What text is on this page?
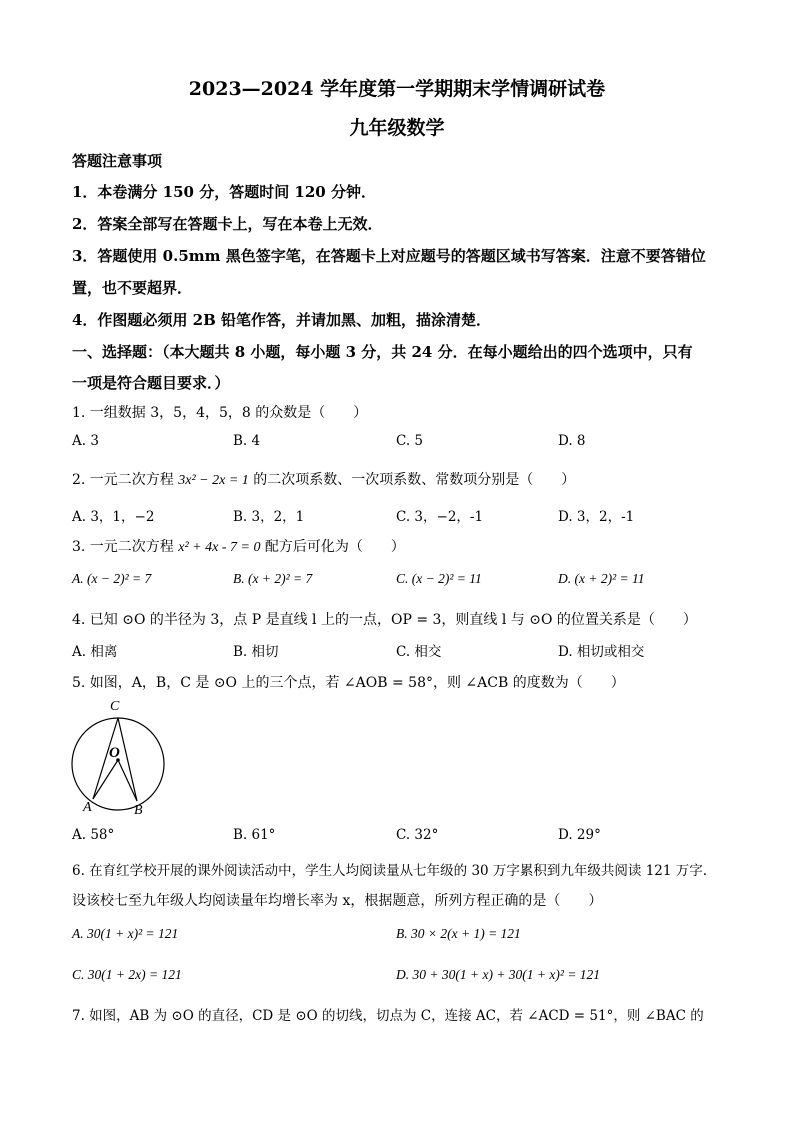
2023—2024 学年度第一学期期末学情调研试卷
九年级数学
答题注意事项
1．本卷满分 150 分，答题时间 120 分钟．
2．答案全部写在答题卡上，写在本卷上无效．
3．答题使用 0.5mm 黑色签字笔，在答题卡上对应题号的答题区域书写答案．注意不要答错位
置，也不要超界．
4．作图题必须用 2B 铅笔作答，并请加黑、加粗，描涂清楚．
一、选择题：（本大题共 8 小题，每小题 3 分，共 24 分．在每小题给出的四个选项中，只有
一项是符合题目要求．）
1. 一组数据 3，5，4，5，8 的众数是（　　）
A. 3	B. 4	C. 5	D. 8
2. 一元二次方程 3x² − 2x = 1 的二次项系数、一次项系数、常数项分别是（　　）
A. 3，1，−2	B. 3，2，1	C. 3，−2，-1	D. 3，2，-1
3. 一元二次方程 x² + 4x - 7 = 0 配方后可化为（　　）
A. (x − 2)² = 7	B. (x + 2)² = 7	C. (x − 2)² = 11	D. (x + 2)² = 11
4. 已知 ⊙O 的半径为 3，点 P 是直线 l 上的一点，OP = 3，则直线 l 与 ⊙O 的位置关系是（　　）
A. 相离	B. 相切	C. 相交	D. 相切或相交
5. 如图，A，B，C 是 ⊙O 上的三个点，若 ∠AOB = 58°，则 ∠ACB 的度数为（　　）
C
O
A	B
A. 58°	B. 61°	C. 32°	D. 29°
6. 在育红学校开展的课外阅读活动中，学生人均阅读量从七年级的 30 万字累积到九年级共阅读 121 万字.
设该校七至九年级人均阅读量年均增长率为 x，根据题意，所列方程正确的是（　　）
A. 30(1 + x)² = 121	B. 30 × 2(x + 1) = 121
C. 30(1 + 2x) = 121	D. 30 + 30(1 + x) + 30(1 + x)² = 121
7. 如图，AB 为 ⊙O 的直径，CD 是 ⊙O 的切线，切点为 C，连接 AC，若 ∠ACD = 51°，则 ∠BAC 的
